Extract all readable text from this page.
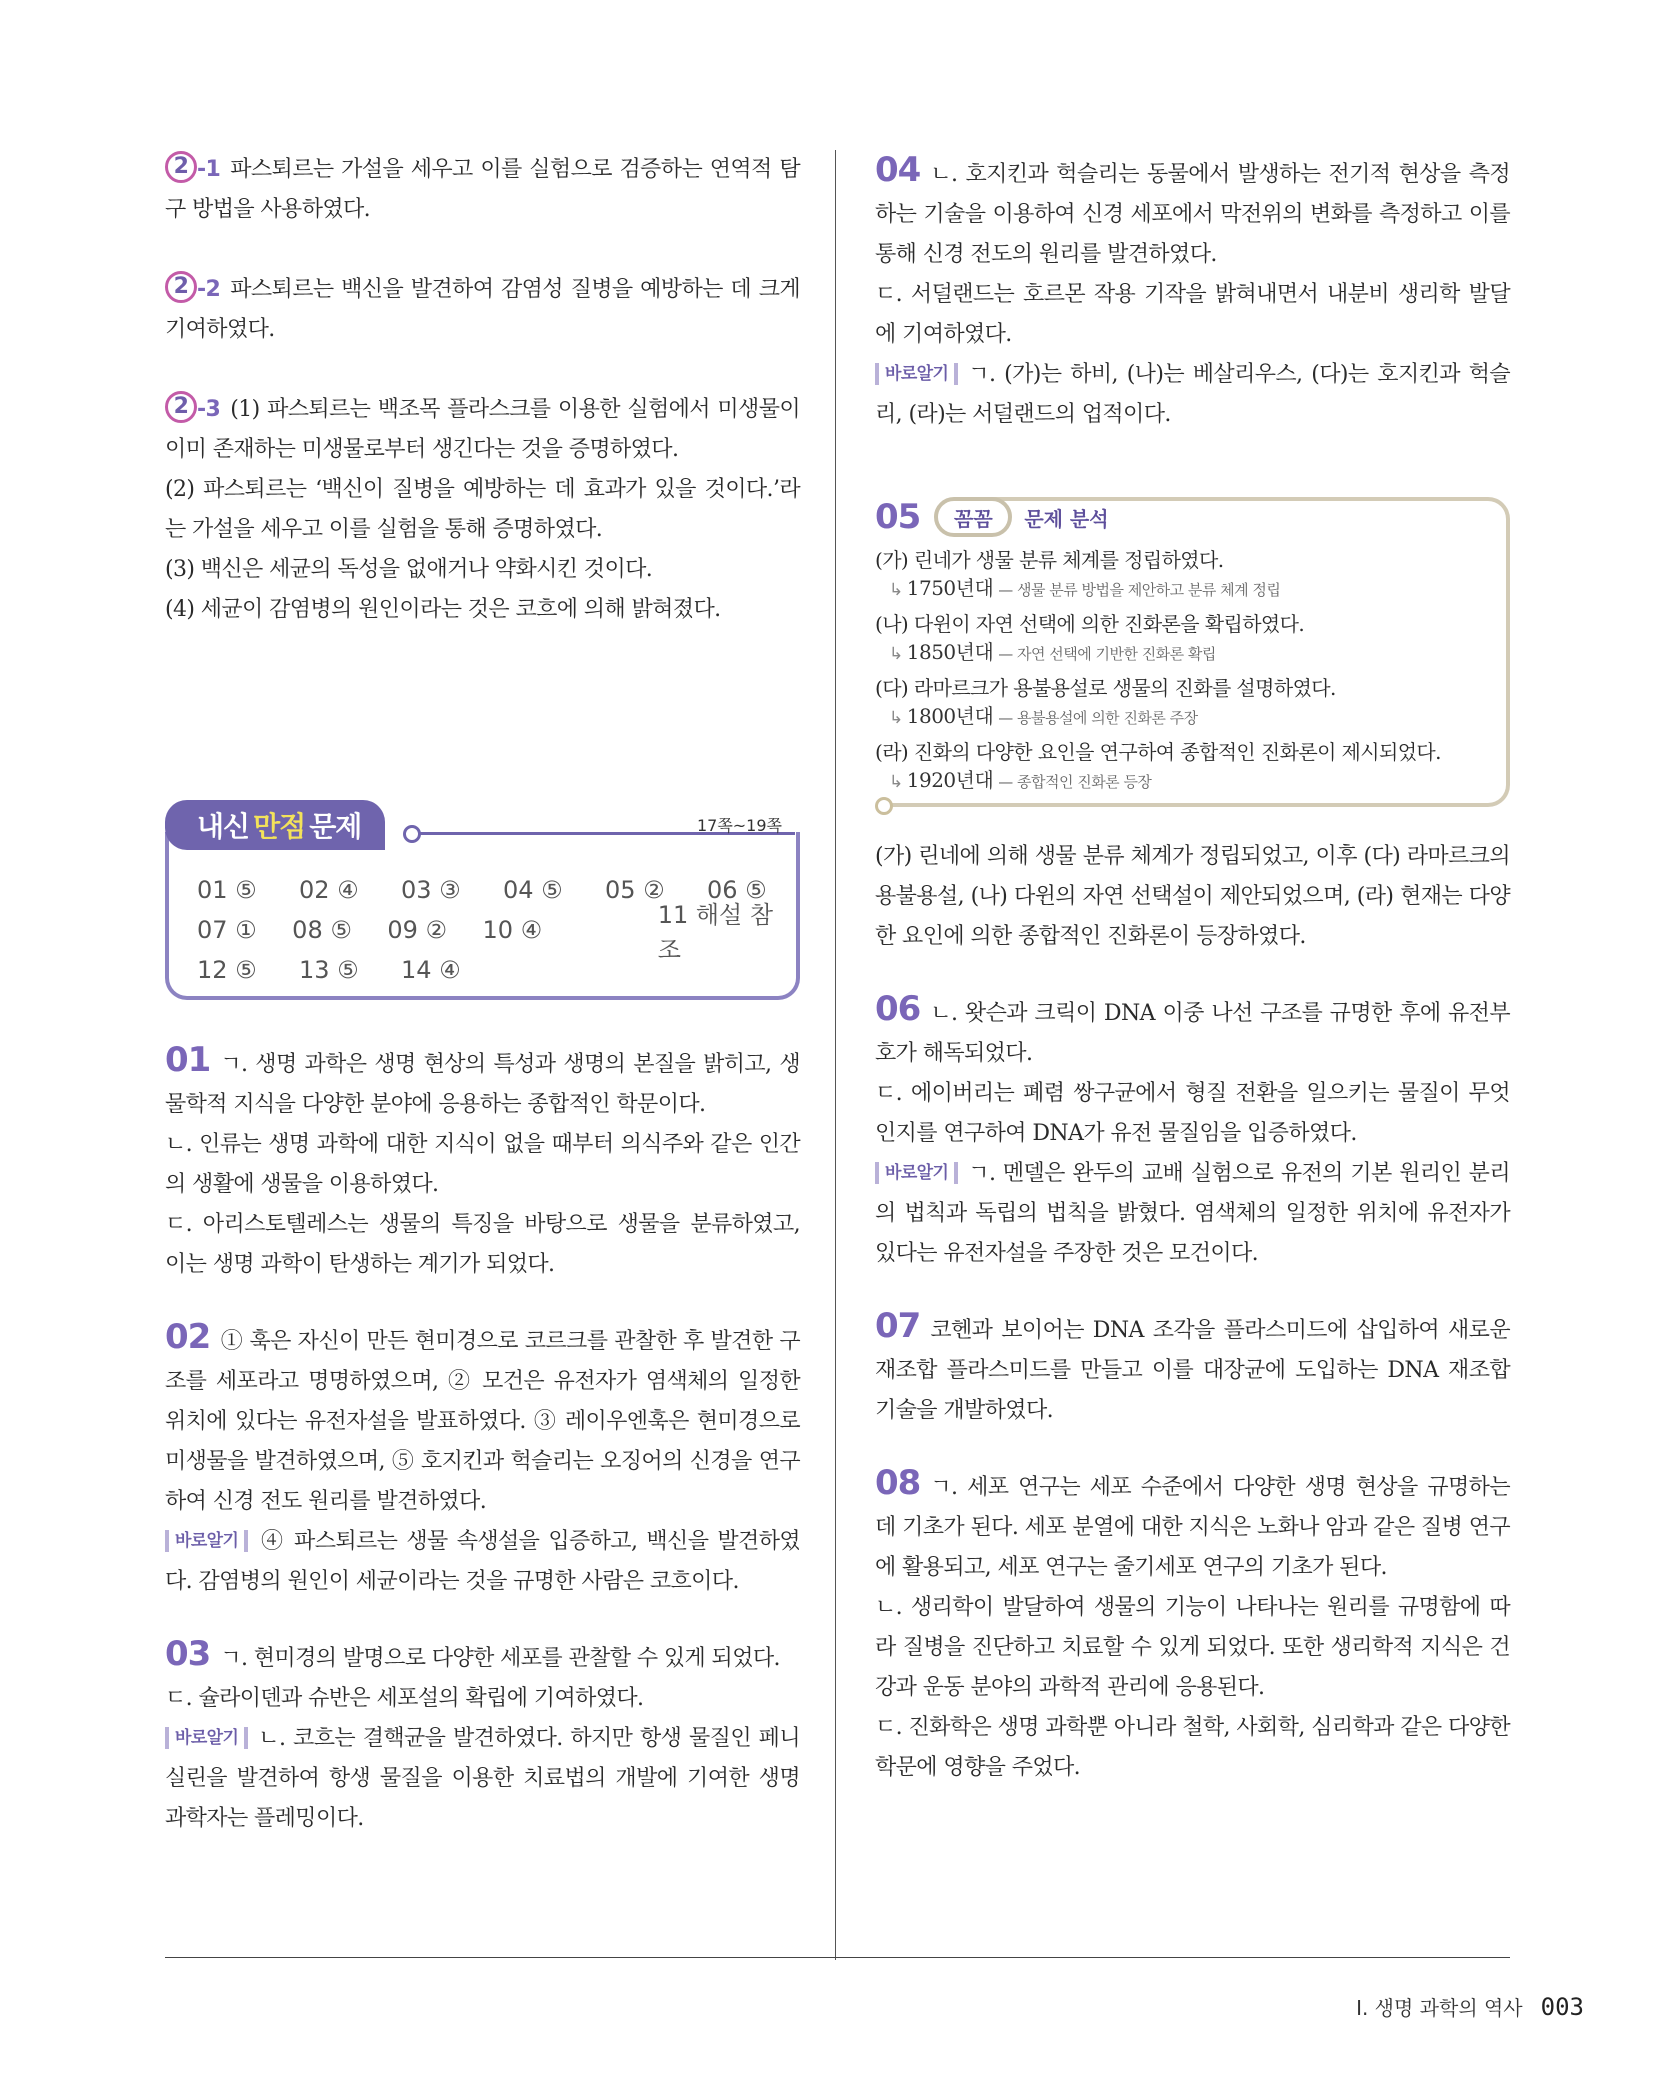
2 -1 파스퇴르는 가설을 세우고 이를 실험으로 검증하는 연역적 탐구 방법을 사용하였다.

2 -2 파스퇴르는 백신을 발견하여 감염성 질병을 예방하는 데 크게 기여하였다.

2 -3 (1) 파스퇴르는 백조목 플라스크를 이용한 실험에서 미생물이 이미 존재하는 미생물로부터 생긴다는 것을 증명하였다.

(2) 파스퇴르는 ‘백신이 질병을 예방하는 데 효과가 있을 것이다.’라는 가설을 세우고 이를 실험을 통해 증명하였다.

(3) 백신은 세균의 독성을 없애거나 약화시킨 것이다.

(4) 세균이 감염병의 원인이라는 것은 코흐에 의해 밝혀졌다.

내신 만점 문제	17쪽~19쪽
01 ⑤	02 ④	03 ③	04 ⑤	05 ②	06 ⑤
07 ①	08 ⑤	09 ②	10 ④
11 해설 참조
12 ⑤	13 ⑤	14 ④

01 ㄱ. 생명 과학은 생명 현상의 특성과 생명의 본질을 밝히고, 생물학적 지식을 다양한 분야에 응용하는 종합적인 학문이다.

ㄴ. 인류는 생명 과학에 대한 지식이 없을 때부터 의식주와 같은 인간의 생활에 생물을 이용하였다.

ㄷ. 아리스토텔레스는 생물의 특징을 바탕으로 생물을 분류하였고, 이는 생명 과학이 탄생하는 계기가 되었다.

02 ① 훅은 자신이 만든 현미경으로 코르크를 관찰한 후 발견한 구조를 세포라고 명명하였으며, ② 모건은 유전자가 염색체의 일정한 위치에 있다는 유전자설을 발표하였다. ③ 레이우엔훅은 현미경으로 미생물을 발견하였으며, ⑤ 호지킨과 헉슬리는 오징어의 신경을 연구하여 신경 전도 원리를 발견하였다.

바로알기 ④ 파스퇴르는 생물 속생설을 입증하고, 백신을 발견하였다. 감염병의 원인이 세균이라는 것을 규명한 사람은 코흐이다.

03 ㄱ. 현미경의 발명으로 다양한 세포를 관찰할 수 있게 되었다.

ㄷ. 슐라이덴과 슈반은 세포설의 확립에 기여하였다.

바로알기 ㄴ. 코흐는 결핵균을 발견하였다. 하지만 항생 물질인 페니실린을 발견하여 항생 물질을 이용한 치료법의 개발에 기여한 생명 과학자는 플레밍이다.

04 ㄴ. 호지킨과 헉슬리는 동물에서 발생하는 전기적 현상을 측정하는 기술을 이용하여 신경 세포에서 막전위의 변화를 측정하고 이를 통해 신경 전도의 원리를 발견하였다.

ㄷ. 서덜랜드는 호르몬 작용 기작을 밝혀내면서 내분비 생리학 발달에 기여하였다.

바로알기 ㄱ. (가)는 하비, (나)는 베살리우스, (다)는 호지킨과 헉슬리, (라)는 서덜랜드의 업적이다.

05	꼼꼼	문제 분석

(가) 린네가 생물 분류 체계를 정립하였다.

↳ 1750년대 — 생물 분류 방법을 제안하고 분류 체계 정립

(나) 다윈이 자연 선택에 의한 진화론을 확립하였다.

↳ 1850년대 — 자연 선택에 기반한 진화론 확립

(다) 라마르크가 용불용설로 생물의 진화를 설명하였다.

↳ 1800년대 — 용불용설에 의한 진화론 주장

(라) 진화의 다양한 요인을 연구하여 종합적인 진화론이 제시되었다.

↳ 1920년대 — 종합적인 진화론 등장

(가) 린네에 의해 생물 분류 체계가 정립되었고, 이후 (다) 라마르크의 용불용설, (나) 다윈의 자연 선택설이 제안되었으며, (라) 현재는 다양한 요인에 의한 종합적인 진화론이 등장하였다.

06 ㄴ. 왓슨과 크릭이 DNA 이중 나선 구조를 규명한 후에 유전부호가 해독되었다.

ㄷ. 에이버리는 폐렴 쌍구균에서 형질 전환을 일으키는 물질이 무엇인지를 연구하여 DNA가 유전 물질임을 입증하였다.

바로알기 ㄱ. 멘델은 완두의 교배 실험으로 유전의 기본 원리인 분리의 법칙과 독립의 법칙을 밝혔다. 염색체의 일정한 위치에 유전자가 있다는 유전자설을 주장한 것은 모건이다.

07 코헨과 보이어는 DNA 조각을 플라스미드에 삽입하여 새로운 재조합 플라스미드를 만들고 이를 대장균에 도입하는 DNA 재조합 기술을 개발하였다.

08 ㄱ. 세포 연구는 세포 수준에서 다양한 생명 현상을 규명하는 데 기초가 된다. 세포 분열에 대한 지식은 노화나 암과 같은 질병 연구에 활용되고, 세포 연구는 줄기세포 연구의 기초가 된다.

ㄴ. 생리학이 발달하여 생물의 기능이 나타나는 원리를 규명함에 따라 질병을 진단하고 치료할 수 있게 되었다. 또한 생리학적 지식은 건강과 운동 분야의 과학적 관리에 응용된다.

ㄷ. 진화학은 생명 과학뿐 아니라 철학, 사회학, 심리학과 같은 다양한 학문에 영향을 주었다.

I. 생명 과학의 역사 003
